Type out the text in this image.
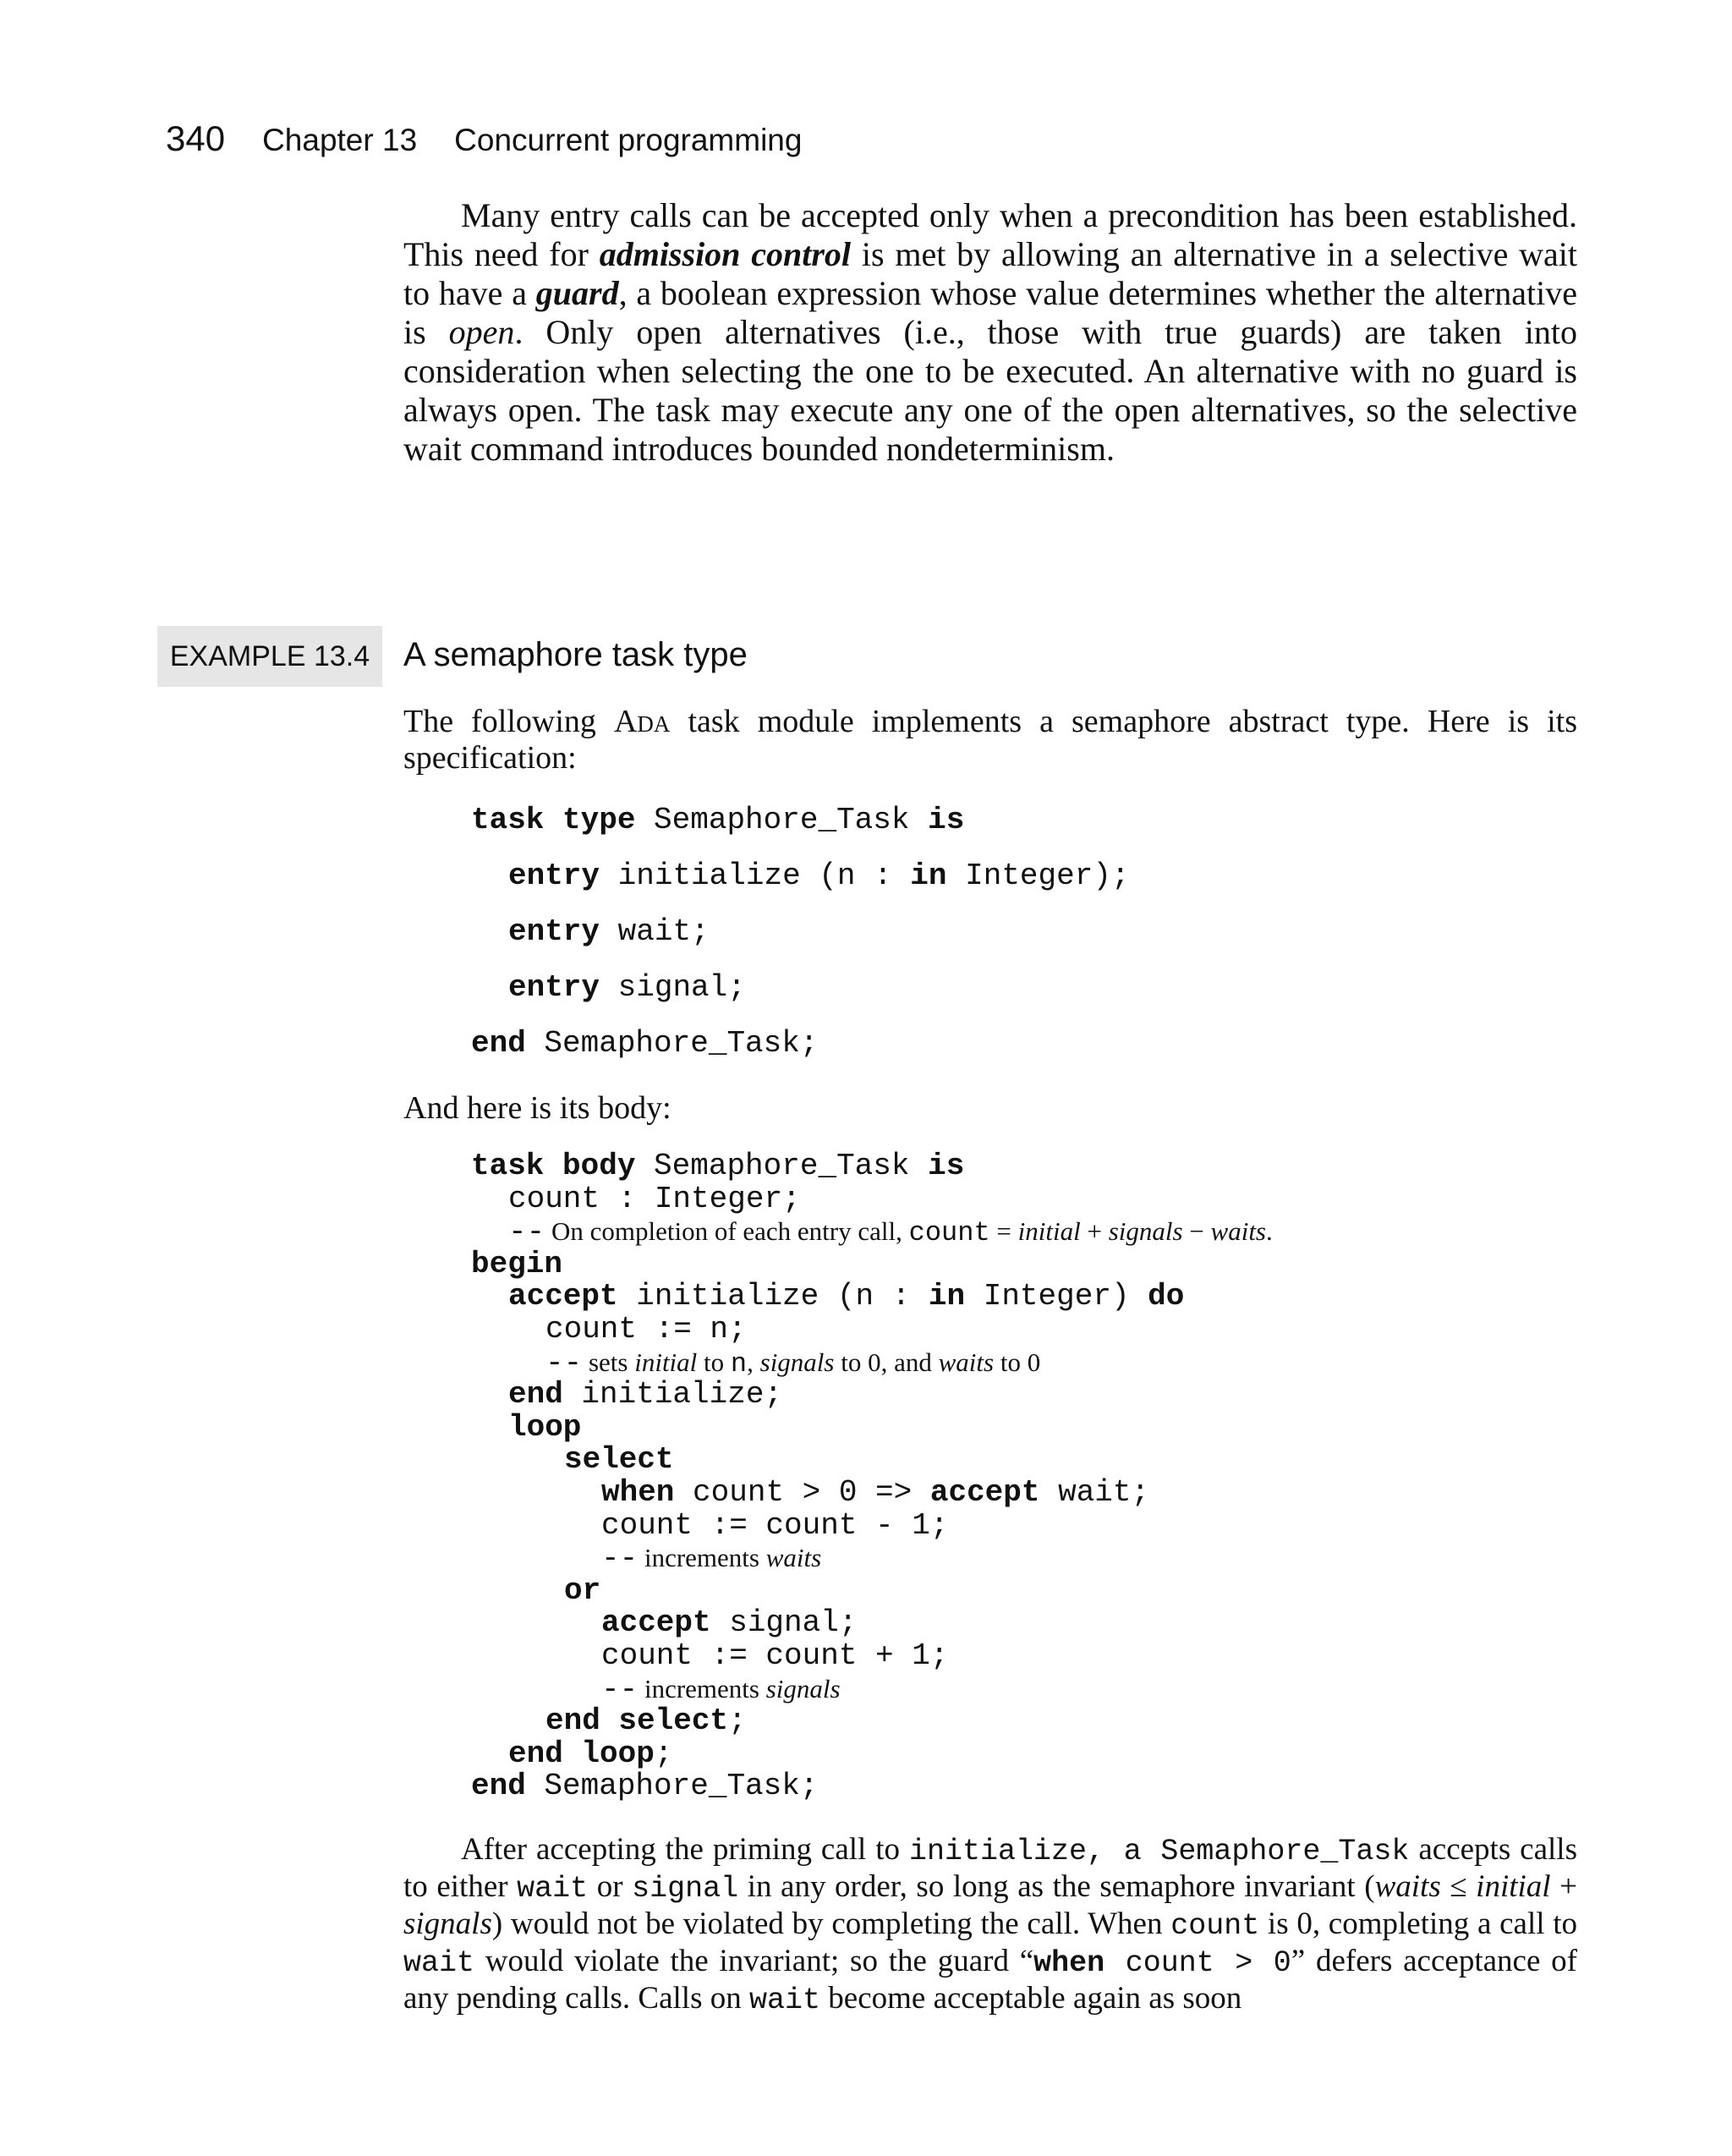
340 Chapter 13 Concurrent programming
Many entry calls can be accepted only when a precondition has been established. This need for admission control is met by allowing an alternative in a selective wait to have a guard, a boolean expression whose value determines whether the alternative is open. Only open alternatives (i.e., those with true guards) are taken into consideration when selecting the one to be executed. An alternative with no guard is always open. The task may execute any one of the open alternatives, so the selective wait command introduces bounded nondeterminism.
EXAMPLE 13.4 A semaphore task type
The following Ada task module implements a semaphore abstract type. Here is its specification:
task type Semaphore_Task is
entry initialize (n : in Integer);
entry wait;
entry signal;
end Semaphore_Task;
And here is its body:
task body Semaphore_Task is
count : Integer;
-- On completion of each entry call, count = initial + signals − waits.
begin
accept initialize (n : in Integer) do
count := n;
-- sets initial to n, signals to 0, and waits to 0
end initialize;
loop
select
when count > 0 => accept wait;
count := count - 1;
-- increments waits
or
accept signal;
count := count + 1;
-- increments signals
end select;
end loop;
end Semaphore_Task;
After accepting the priming call to initialize, a Semaphore_Task accepts calls to either wait or signal in any order, so long as the semaphore invariant (waits ≤ initial + signals) would not be violated by completing the call. When count is 0, completing a call to wait would violate the invariant; so the guard “when count > 0” defers acceptance of any pending calls. Calls on wait become acceptable again as soon
